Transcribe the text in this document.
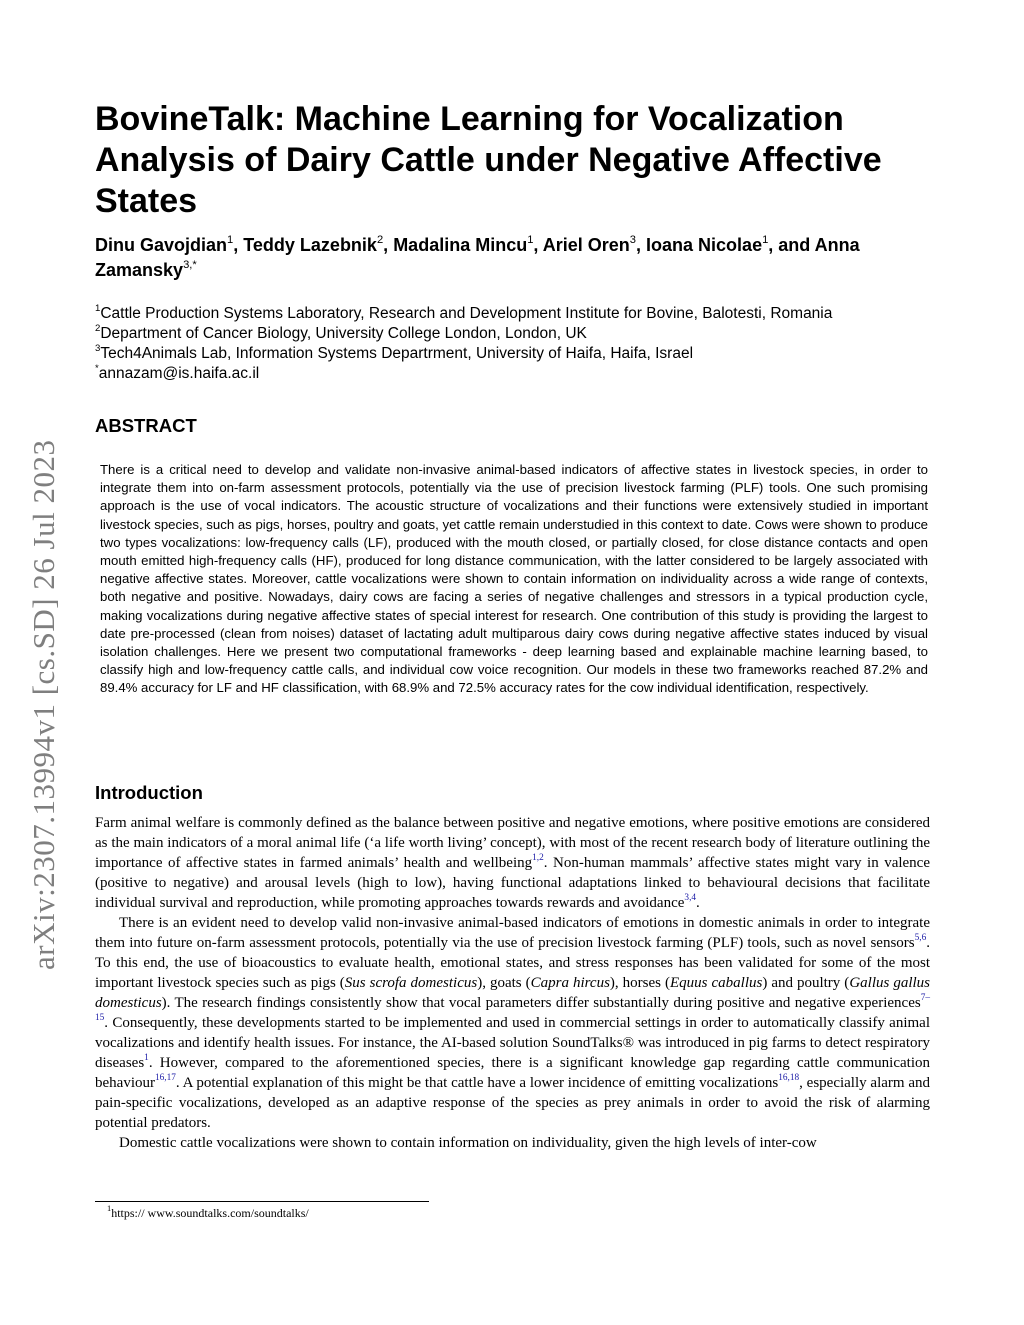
arXiv:2307.13994v1 [cs.SD] 26 Jul 2023
BovineTalk: Machine Learning for Vocalization Analysis of Dairy Cattle under Negative Affective States
Dinu Gavojdian$^1$, Teddy Lazebnik$^2$, Madalina Mincu$^1$, Ariel Oren$^3$, Ioana Nicolae$^1$, and Anna Zamansky$^{3,*}$
$^1$Cattle Production Systems Laboratory, Research and Development Institute for Bovine, Balotesti, Romania
$^2$Department of Cancer Biology, University College London, London, UK
$^3$Tech4Animals Lab, Information Systems Departrment, University of Haifa, Haifa, Israel
*annazam@is.haifa.ac.il
ABSTRACT

There is a critical need to develop and validate non-invasive animal-based indicators of affective states in livestock species, in order to integrate them into on-farm assessment protocols, potentially via the use of precision livestock farming (PLF) tools. One such promising approach is the use of vocal indicators. The acoustic structure of vocalizations and their functions were extensively studied in important livestock species, such as pigs, horses, poultry and goats, yet cattle remain understudied in this context to date. Cows were shown to produce two types vocalizations: low-frequency calls (LF), produced with the mouth closed, or partially closed, for close distance contacts and open mouth emitted high-frequency calls (HF), produced for long distance communication, with the latter considered to be largely associated with negative affective states. Moreover, cattle vocalizations were shown to contain information on individuality across a wide range of contexts, both negative and positive. Nowadays, dairy cows are facing a series of negative challenges and stressors in a typical production cycle, making vocalizations during negative affective states of special interest for research. One contribution of this study is providing the largest to date pre-processed (clean from noises) dataset of lactating adult multiparous dairy cows during negative affective states induced by visual isolation challenges. Here we present two computational frameworks - deep learning based and explainable machine learning based, to classify high and low-frequency cattle calls, and individual cow voice recognition. Our models in these two frameworks reached 87.2% and 89.4% accuracy for LF and HF classification, with 68.9% and 72.5% accuracy rates for the cow individual identification, respectively.

Introduction

Farm animal welfare is commonly defined as the balance between positive and negative emotions, where positive emotions are considered as the main indicators of a moral animal life (‘a life worth living’ concept), with most of the recent research body of literature outlining the importance of affective states in farmed animals’ health and wellbeing$^{1,2}$. Non-human mammals’ affective states might vary in valence (positive to negative) and arousal levels (high to low), having functional adaptations linked to behavioural decisions that facilitate individual survival and reproduction, while promoting approaches towards rewards and avoidance$^{3,4}$.

There is an evident need to develop valid non-invasive animal-based indicators of emotions in domestic animals in order to integrate them into future on-farm assessment protocols, potentially via the use of precision livestock farming (PLF) tools, such as novel sensors$^{5,6}$. To this end, the use of bioacoustics to evaluate health, emotional states, and stress responses has been validated for some of the most important livestock species such as pigs (Sus scrofa domesticus), goats (Capra hircus), horses (Equus caballus) and poultry (Gallus gallus domesticus). The research findings consistently show that vocal parameters differ substantially during positive and negative experiences$^{7-15}$. Consequently, these developments started to be implemented and used in commercial settings in order to automatically classify animal vocalizations and identify health issues. For instance, the AI-based solution SoundTalks® was introduced in pig farms to detect respiratory diseases$^1$. However, compared to the aforementioned species, there is a significant knowledge gap regarding cattle communication behaviour$^{16,17}$. A potential explanation of this might be that cattle have a lower incidence of emitting vocalizations$^{16,18}$, especially alarm and pain-specific vocalizations, developed as an adaptive response of the species as prey animals in order to avoid the risk of alarming potential predators.

Domestic cattle vocalizations were shown to contain information on individuality, given the high levels of inter-cow

$^1$https:// www.soundtalks.com/soundtalks/
